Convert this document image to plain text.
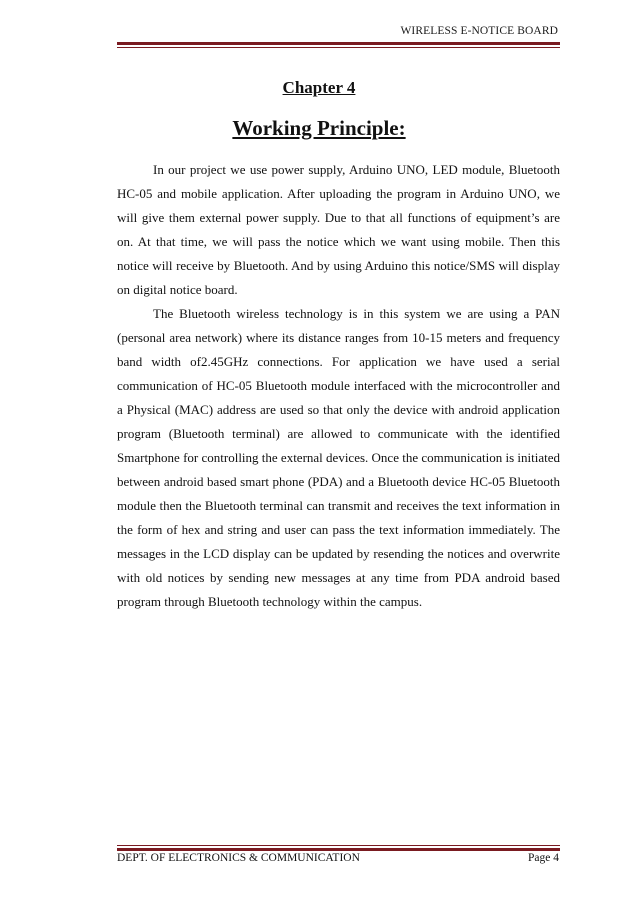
WIRELESS E-NOTICE BOARD
Chapter 4
Working Principle:

In our project we use power supply, Arduino UNO, LED module, Bluetooth HC-05 and mobile application. After uploading the program in Arduino UNO, we will give them external power supply. Due to that all functions of equipment’s are on. At that time, we will pass the notice which we want using mobile. Then this notice will receive by Bluetooth. And by using Arduino this notice/SMS will display on digital notice board.

The Bluetooth wireless technology is in this system we are using a PAN (personal area network) where its distance ranges from 10-15 meters and frequency band width of2.45GHz connections. For application we have used a serial communication of HC-05 Bluetooth module interfaced with the microcontroller and a Physical (MAC) address are used so that only the device with android application program (Bluetooth terminal) are allowed to communicate with the identified Smartphone for controlling the external devices. Once the communication is initiated between android based smart phone (PDA) and a Bluetooth device HC-05 Bluetooth module then the Bluetooth terminal can transmit and receives the text information in the form of hex and string and user can pass the text information immediately. The messages in the LCD display can be updated by resending the notices and overwrite with old notices by sending new messages at any time from PDA android based program through Bluetooth technology within the campus.

DEPT. OF ELECTRONICS & COMMUNICATION	Page 4
